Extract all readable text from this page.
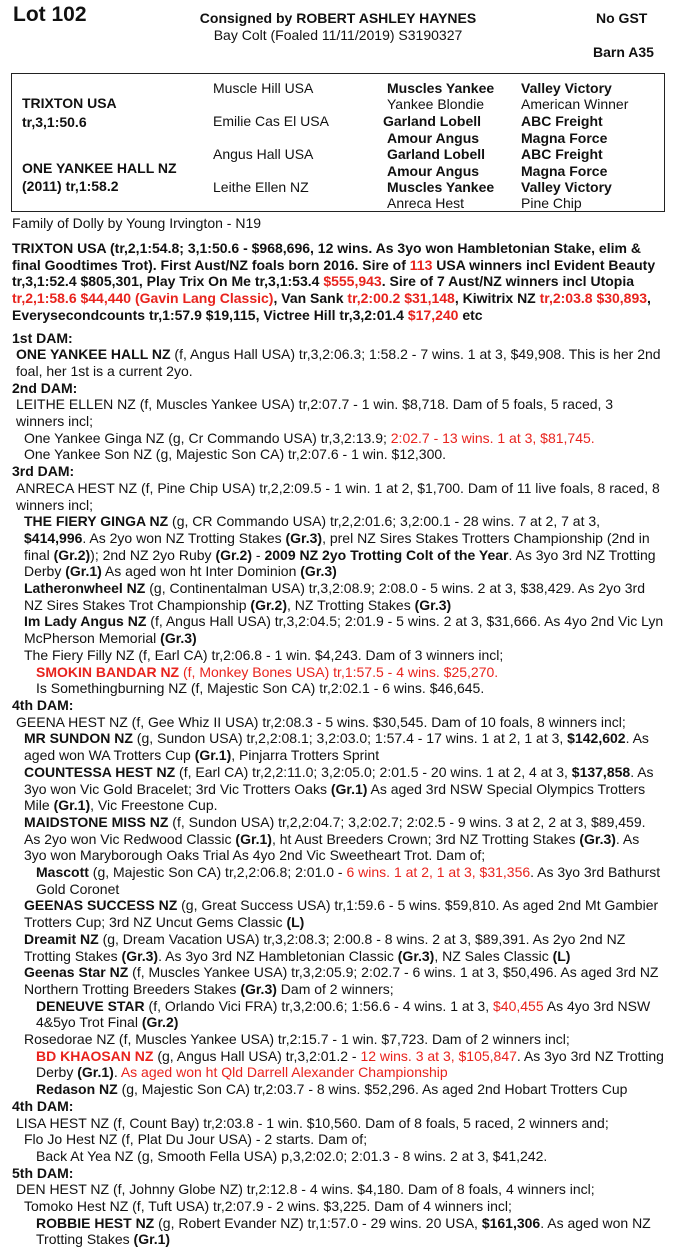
Lot 102	Consigned by ROBERT ASHLEY HAYNES	No GST
Bay Colt (Foaled 11/11/2019) S3190327
Barn A35
TRIXTON USA
tr,3,1:50.6
ONE YANKEE HALL NZ
(2011) tr,1:58.2
Muscle Hill USA
Emilie Cas El USA
Angus Hall USA
Leithe Ellen NZ
Muscles Yankee
Yankee Blondie
Garland Lobell
Amour Angus
Garland Lobell
Amour Angus
Muscles Yankee
Anreca Hest
Valley Victory
American Winner
ABC Freight
Magna Force
ABC Freight
Magna Force
Valley Victory
Pine Chip
Family of Dolly by Young Irvington - N19

TRIXTON USA (tr,2,1:54.8; 3,1:50.6 - $968,696, 12 wins. As 3yo won Hambletonian Stake, elim & final Goodtimes Trot). First Aust/NZ foals born 2016. Sire of 113 USA winners incl Evident Beauty tr,3,1:52.4 $805,301, Play Trix On Me tr,3,1:53.4 $555,943. Sire of 7 Aust/NZ winners incl Utopia tr,2,1:58.6 $44,440 (Gavin Lang Classic), Van Sank tr,2:00.2 $31,148, Kiwitrix NZ tr,2:03.8 $30,893, Everysecondcounts tr,1:57.9 $19,115, Victree Hill tr,3,2:01.4 $17,240 etc

1st DAM:

ONE YANKEE HALL NZ (f, Angus Hall USA) tr,3,2:06.3; 1:58.2 - 7 wins. 1 at 3, $49,908. This is her 2nd foal, her 1st is a current 2yo.

2nd DAM:

LEITHE ELLEN NZ (f, Muscles Yankee USA) tr,2:07.7 - 1 win. $8,718. Dam of 5 foals, 5 raced, 3 winners incl;

One Yankee Ginga NZ (g, Cr Commando USA) tr,3,2:13.9; 2:02.7 - 13 wins. 1 at 3, $81,745.

One Yankee Son NZ (g, Majestic Son CA) tr,2:07.6 - 1 win. $12,300.

3rd DAM:

ANRECA HEST NZ (f, Pine Chip USA) tr,2,2:09.5 - 1 win. 1 at 2, $1,700. Dam of 11 live foals, 8 raced, 8 winners incl;

THE FIERY GINGA NZ (g, CR Commando USA) tr,2,2:01.6; 3,2:00.1 - 28 wins. 7 at 2, 7 at 3, $414,996. As 2yo won NZ Trotting Stakes (Gr.3), prel NZ Sires Stakes Trotters Championship (2nd in final (Gr.2)); 2nd NZ 2yo Ruby (Gr.2) - 2009 NZ 2yo Trotting Colt of the Year. As 3yo 3rd NZ Trotting Derby (Gr.1) As aged won ht Inter Dominion (Gr.3)

Latheronwheel NZ (g, Continentalman USA) tr,3,2:08.9; 2:08.0 - 5 wins. 2 at 3, $38,429. As 2yo 3rd NZ Sires Stakes Trot Championship (Gr.2), NZ Trotting Stakes (Gr.3)

Im Lady Angus NZ (f, Angus Hall USA) tr,3,2:04.5; 2:01.9 - 5 wins. 2 at 3, $31,666. As 4yo 2nd Vic Lyn McPherson Memorial (Gr.3)

The Fiery Filly NZ (f, Earl CA) tr,2:06.8 - 1 win. $4,243. Dam of 3 winners incl;

SMOKIN BANDAR NZ (f, Monkey Bones USA) tr,1:57.5 - 4 wins. $25,270.

Is Somethingburning NZ (f, Majestic Son CA) tr,2:02.1 - 6 wins. $46,645.

4th DAM:

GEENA HEST NZ (f, Gee Whiz II USA) tr,2:08.3 - 5 wins. $30,545. Dam of 10 foals, 8 winners incl;

MR SUNDON NZ (g, Sundon USA) tr,2,2:08.1; 3,2:03.0; 1:57.4 - 17 wins. 1 at 2, 1 at 3, $142,602. As aged won WA Trotters Cup (Gr.1), Pinjarra Trotters Sprint

COUNTESSA HEST NZ (f, Earl CA) tr,2,2:11.0; 3,2:05.0; 2:01.5 - 20 wins. 1 at 2, 4 at 3, $137,858. As 3yo won Vic Gold Bracelet; 3rd Vic Trotters Oaks (Gr.1) As aged 3rd NSW Special Olympics Trotters Mile (Gr.1), Vic Freestone Cup.

MAIDSTONE MISS NZ (f, Sundon USA) tr,2,2:04.7; 3,2:02.7; 2:02.5 - 9 wins. 3 at 2, 2 at 3, $89,459. As 2yo won Vic Redwood Classic (Gr.1), ht Aust Breeders Crown; 3rd NZ Trotting Stakes (Gr.3). As 3yo won Maryborough Oaks Trial As 4yo 2nd Vic Sweetheart Trot. Dam of;

Mascott (g, Majestic Son CA) tr,2,2:06.8; 2:01.0 - 6 wins. 1 at 2, 1 at 3, $31,356. As 3yo 3rd Bathurst Gold Coronet

GEENAS SUCCESS NZ (g, Great Success USA) tr,1:59.6 - 5 wins. $59,810. As aged 2nd Mt Gambier Trotters Cup; 3rd NZ Uncut Gems Classic (L)

Dreamit NZ (g, Dream Vacation USA) tr,3,2:08.3; 2:00.8 - 8 wins. 2 at 3, $89,391. As 2yo 2nd NZ Trotting Stakes (Gr.3). As 3yo 3rd NZ Hambletonian Classic (Gr.3), NZ Sales Classic (L)

Geenas Star NZ (f, Muscles Yankee USA) tr,3,2:05.9; 2:02.7 - 6 wins. 1 at 3, $50,496. As aged 3rd NZ Northern Trotting Breeders Stakes (Gr.3) Dam of 2 winners;

DENEUVE STAR (f, Orlando Vici FRA) tr,3,2:00.6; 1:56.6 - 4 wins. 1 at 3, $40,455 As 4yo 3rd NSW 4&5yo Trot Final (Gr.2)

Rosedorae NZ (f, Muscles Yankee USA) tr,2:15.7 - 1 win. $7,723. Dam of 2 winners incl;

BD KHAOSAN NZ (g, Angus Hall USA) tr,3,2:01.2 - 12 wins. 3 at 3, $105,847. As 3yo 3rd NZ Trotting Derby (Gr.1). As aged won ht Qld Darrell Alexander Championship

Redason NZ (g, Majestic Son CA) tr,2:03.7 - 8 wins. $52,296. As aged 2nd Hobart Trotters Cup

4th DAM:

LISA HEST NZ (f, Count Bay) tr,2:03.8 - 1 win. $10,560. Dam of 8 foals, 5 raced, 2 winners and;

Flo Jo Hest NZ (f, Plat Du Jour USA) - 2 starts. Dam of;

Back At Yea NZ (g, Smooth Fella USA) p,3,2:02.0; 2:01.3 - 8 wins. 2 at 3, $41,242.

5th DAM:

DEN HEST NZ (f, Johnny Globe NZ) tr,2:12.8 - 4 wins. $4,180. Dam of 8 foals, 4 winners incl;

Tomoko Hest NZ (f, Tuft USA) tr,2:07.9 - 2 wins. $3,225. Dam of 4 winners incl;

ROBBIE HEST NZ (g, Robert Evander NZ) tr,1:57.0 - 29 wins. 20 USA, $161,306. As aged won NZ Trotting Stakes (Gr.1)
